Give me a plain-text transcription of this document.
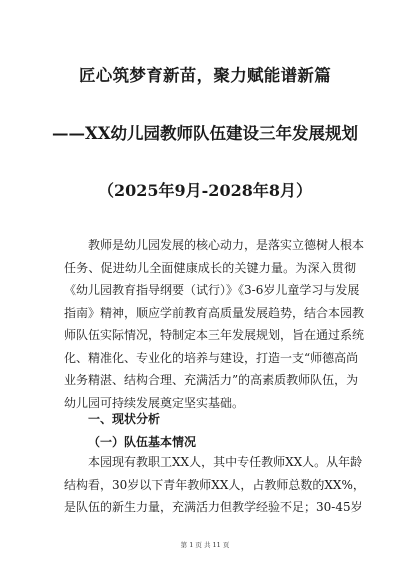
匠心筑梦育新苗，聚力赋能谱新篇
——XX幼儿园教师队伍建设三年发展规划
（2025年9月-2028年8月）
教师是幼儿园发展的核心动力，是落实立德树人根本
任务、促进幼儿全面健康成长的关键力量。为深入贯彻
《幼儿园教育指导纲要（试行）》《3-6岁儿童学习与发展
指南》精神，顺应学前教育高质量发展趋势，结合本园教
师队伍实际情况，特制定本三年发展规划，旨在通过系统
化、精准化、专业化的培养与建设，打造一支“师德高尚
业务精湛、结构合理、充满活力”的高素质教师队伍，为
幼儿园可持续发展奠定坚实基础。
一、现状分析
（一）队伍基本情况
本园现有教职工XX人，其中专任教师XX人。从年龄
结构看，30岁以下青年教师XX人，占教师总数的XX%，
是队伍的新生力量，充满活力但教学经验不足；30-45岁
第 1 页 共 11 页
